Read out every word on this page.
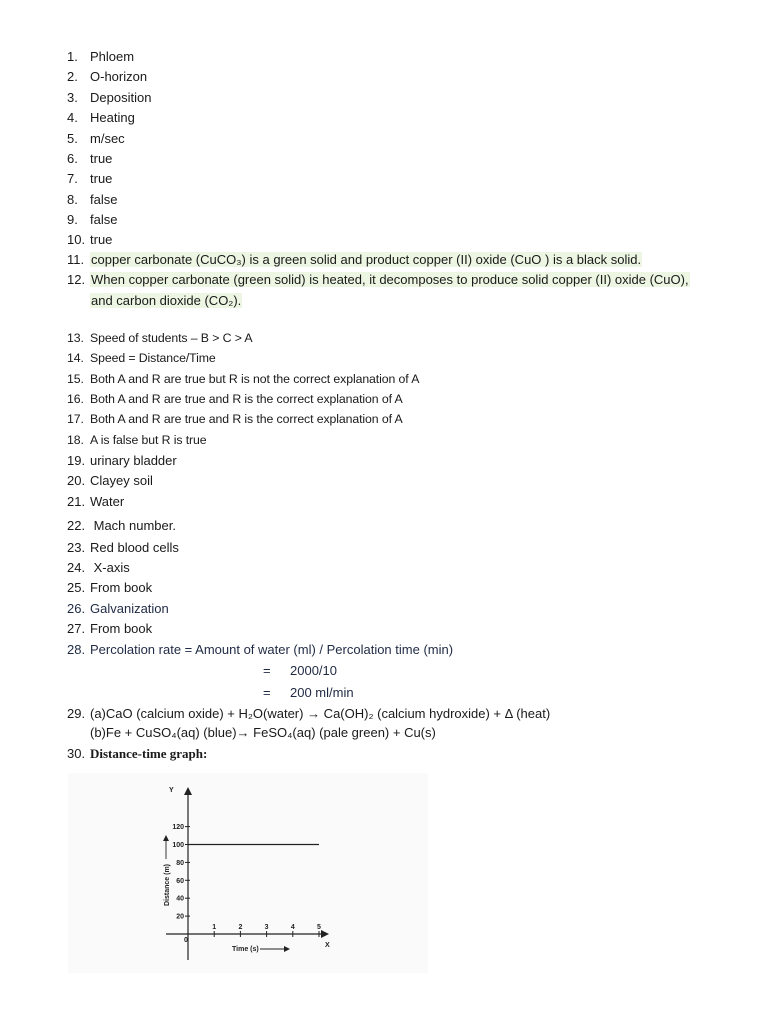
1. Phloem
2. O-horizon
3. Deposition
4. Heating
5. m/sec
6. true
7. true
8. false
9. false
10. true
11. copper carbonate (CuCO₃) is a green solid and product copper (II) oxide (CuO ) is a black solid.
12. When copper carbonate (green solid) is heated, it decomposes to produce solid copper (II) oxide (CuO),
and carbon dioxide (CO₂).
13. Speed of students – B > C > A
14. Speed = Distance/Time
15. Both A and R are true but R is not the correct explanation of A
16. Both A and R are true and R is the correct explanation of A
17. Both A and R are true and R is the correct explanation of A
18. A is false but R is true
19. urinary bladder
20. Clayey soil
21. Water
22. Mach number.
23. Red blood cells
24. X-axis
25. From book
26. Galvanization
27. From book
28. Percolation rate = Amount of water (ml) / Percolation time (min)
= 2000/10
= 200 ml/min
29. (a)CaO (calcium oxide) + H₂O(water) → Ca(OH)₂ (calcium hydroxide) + Δ (heat)
(b)Fe + CuSO₄(aq) (blue)→ FeSO₄(aq) (pale green) + Cu(s)
30. Distance-time graph:
Y
X
Distance (m)
Time (s)
20
40
60
80
100
120
0
1	2	3	4	5
